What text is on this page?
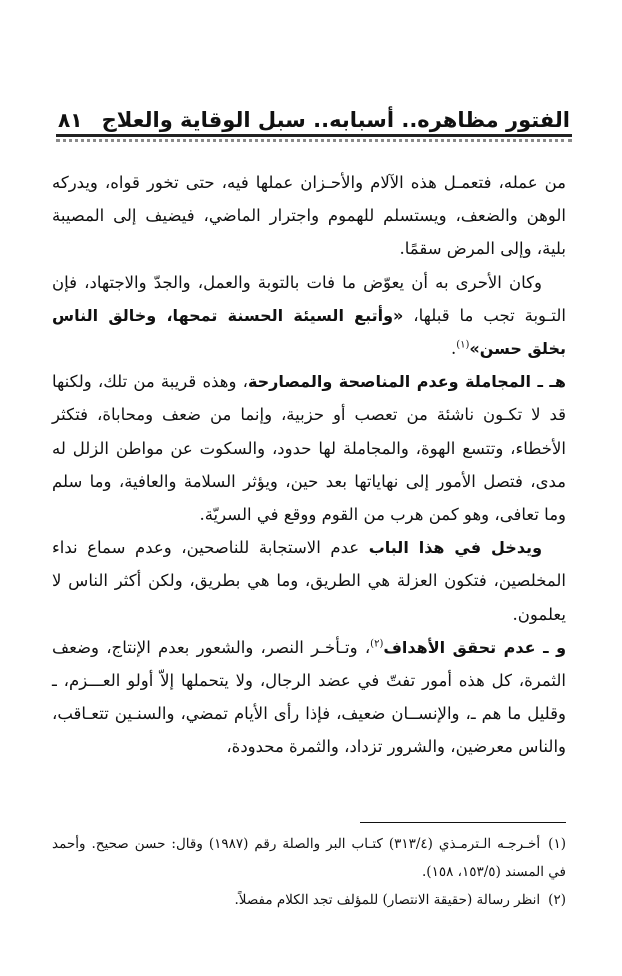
الفتور مظاهره.. أسبابه.. سبل الوقاية والعلاج
٨١

من عمله، فتعمـل هذه الآلام والأحـزان عملها فيه، حتى تخور قواه، ويدركه الوهن والضعف، ويستسلم للهموم واجترار الماضي، فيضيف إلى المصيبة بلية، وإلى المرض سقمًا.

وكان الأحرى به أن يعوّض ما فات بالتوبة والعمل، والجدّ والاجتهاد، فإن التـوبة تجب ما قبلها، «وأتبع السيئة الحسنة تمحها، وخالق الناس بخلق حسن»$^{(١)}$.

هـ ـ المجاملة وعدم المناصحة والمصارحة، وهذه قريبة من تلك، ولكنها قد لا تكـون ناشئة من تعصب أو حزبية، وإنما من ضعف ومحاباة، فتكثر الأخطاء، وتتسع الهوة، والمجاملة لها حدود، والسكوت عن مواطن الزلل له مدى، فتصل الأمور إلى نهاياتها بعد حين، ويؤثر السلامة والعافية، وما سلم وما تعافى، وهو كمن هرب من القوم ووقع في السريّة.

ويدخل في هذا الباب عدم الاستجابة للناصحين، وعدم سماع نداء المخلصين، فتكون العزلة هي الطريق، وما هي بطريق، ولكن أكثر الناس لا يعلمون.

و ـ عدم تحقق الأهداف$^{(٢)}$، وتـأخـر النصر، والشعور بعدم الإنتاج، وضعف الثمرة، كل هذه أمور تفتّ في عضد الرجال، ولا يتحملها إلاّ أولو العـــزم، ـ وقليل ما هم ـ، والإنســان ضعيف، فإذا رأى الأيام تمضي، والسنـين تتعـاقب، والناس معرضين، والشرور تزداد، والثمرة محدودة،

(١)أخـرجـه الـترمـذي (٣١٣/٤) كتـاب البر والصلة رقم (١٩٨٧) وقال: حسن صحيح. وأحمد في المسند (١٥٣/٥، ١٥٨).

(٢)انظر رسالة (حقيقة الانتصار) للمؤلف تجد الكلام مفصلاً.
